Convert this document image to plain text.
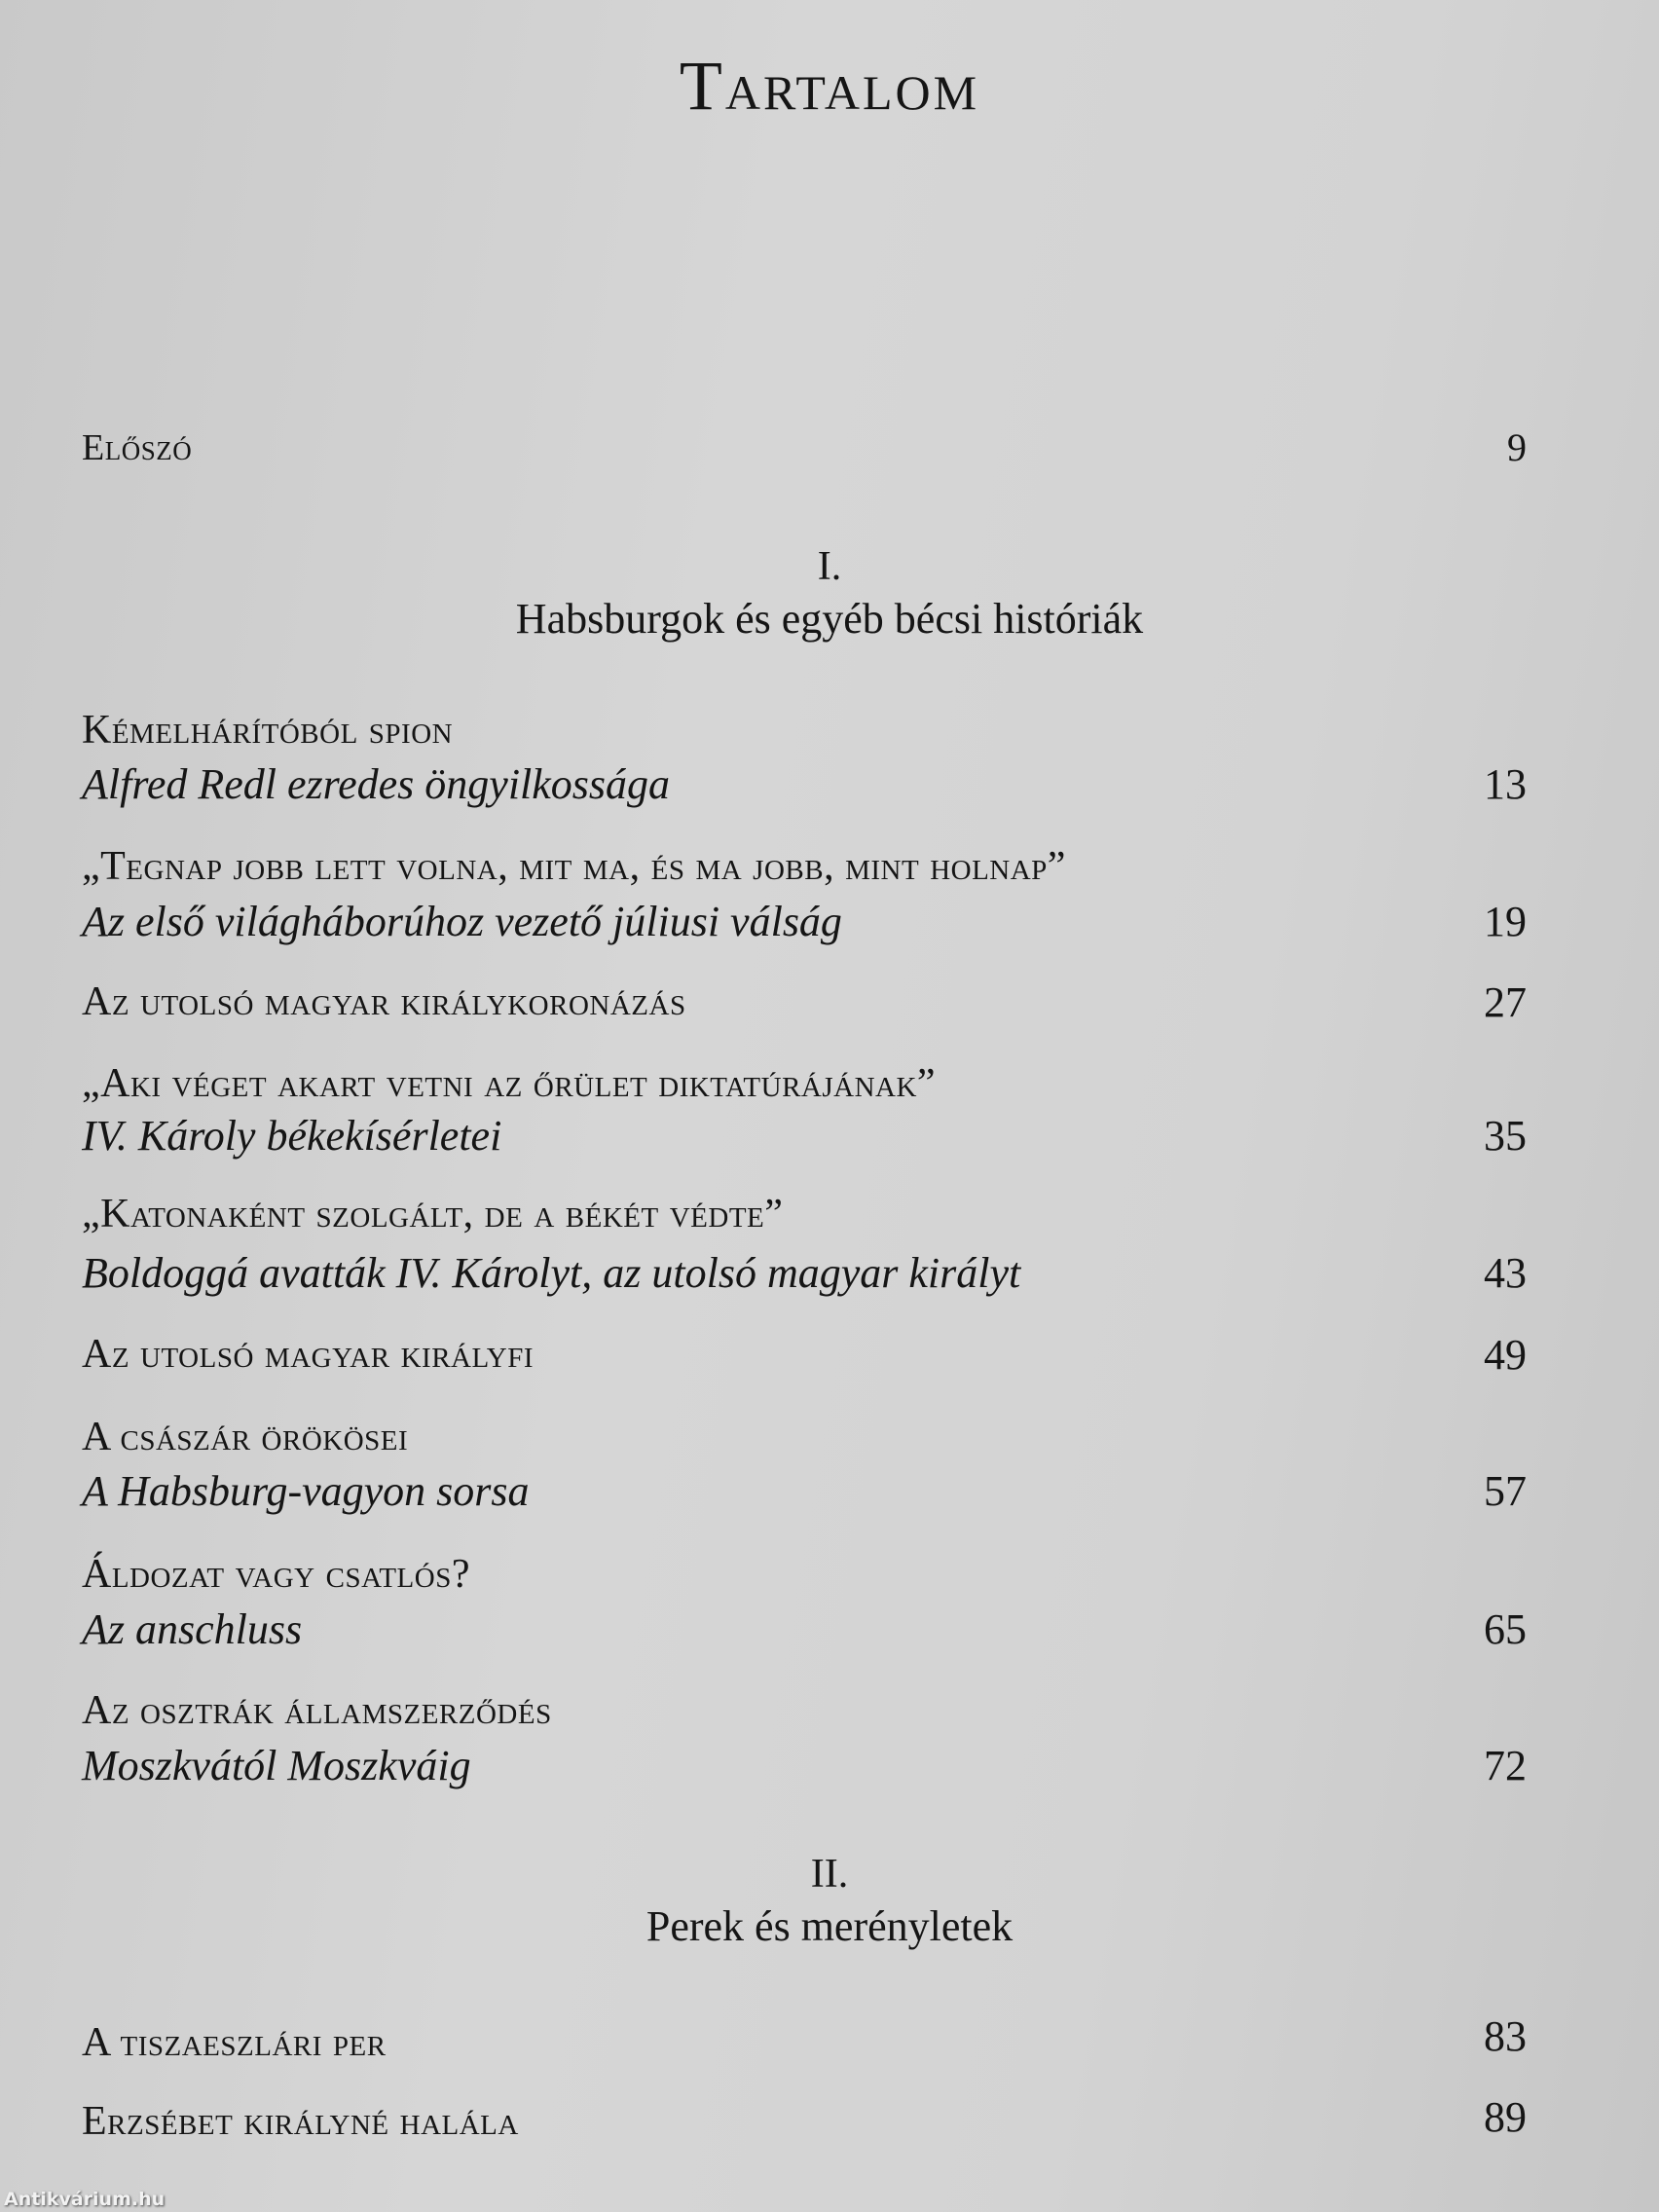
Tartalom
Előszó	9
I.
Habsburgok és egyéb bécsi históriák
Kémelhárítóból spion
Alfred Redl ezredes öngyilkossága	13
„Tegnap jobb lett volna, mit ma, és ma jobb, mint holnap”
Az első világháborúhoz vezető júliusi válság	19
Az utolsó magyar királykoronázás	27
„Aki véget akart vetni az őrület diktatúrájának”
IV. Károly békekísérletei	35
„Katonaként szolgált, de a békét védte”
Boldoggá avatták IV. Károlyt, az utolsó magyar királyt	43
Az utolsó magyar királyfi	49
A császár örökösei
A Habsburg-vagyon sorsa	57
Áldozat vagy csatlós?
Az anschluss	65
Az osztrák államszerződés
Moszkvától Moszkváig	72
II.
Perek és merényletek
A tiszaeszlári per	83
Erzsébet királyné halála	89
Antikvárium.hu
